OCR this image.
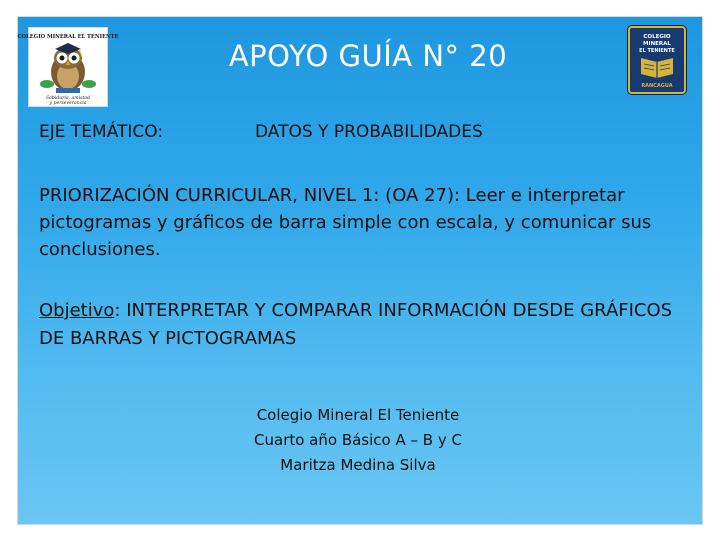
COLEGIO MINERAL EL TENIENTE
Sabiduría, amistad
y perseverancia
APOYO GUÍA N° 20
COLEGIO
MINERAL
EL TENIENTE
RANCAGUA
EJE TEMÁTICO:	DATOS Y PROBABILIDADES
PRIORIZACIÓN CURRICULAR, NIVEL 1: (OA 27): Leer e interpretar pictogramas y gráficos de barra simple con escala, y comunicar sus conclusiones.
Objetivo: INTERPRETAR Y COMPARAR INFORMACIÓN DESDE GRÁFICOS DE BARRAS Y PICTOGRAMAS
Colegio Mineral El Teniente
Cuarto año Básico A – B y C
Maritza Medina Silva
